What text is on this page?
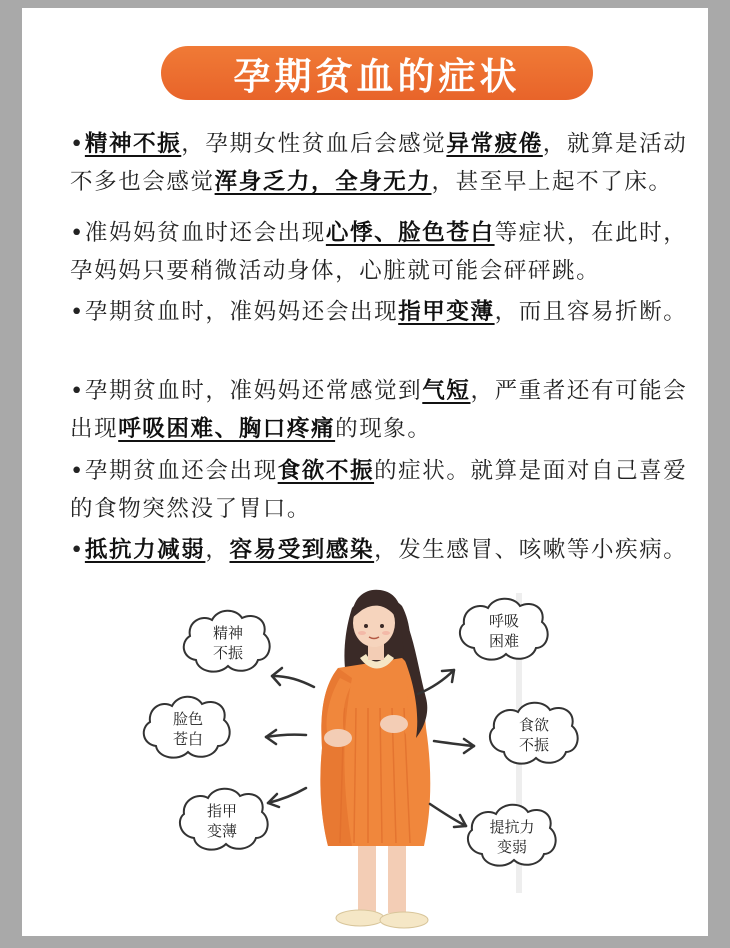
孕期贫血的症状
•精神不振，孕期女性贫血后会感觉异常疲倦，就算是活动不多也会感觉浑身乏力，全身无力，甚至早上起不了床。
•准妈妈贫血时还会出现心悸、脸色苍白等症状，在此时，孕妈妈只要稍微活动身体，心脏就可能会砰砰跳。
•孕期贫血时，准妈妈还会出现指甲变薄，而且容易折断。
•孕期贫血时，准妈妈还常感觉到气短，严重者还有可能会出现呼吸困难、胸口疼痛的现象。
•孕期贫血还会出现食欲不振的症状。就算是面对自己喜爱的食物突然没了胃口。
•抵抗力减弱，容易受到感染，发生感冒、咳嗽等小疾病。
精神
不振
呼吸
困难
脸色
苍白
食欲
不振
指甲
变薄	提抗力
变弱
